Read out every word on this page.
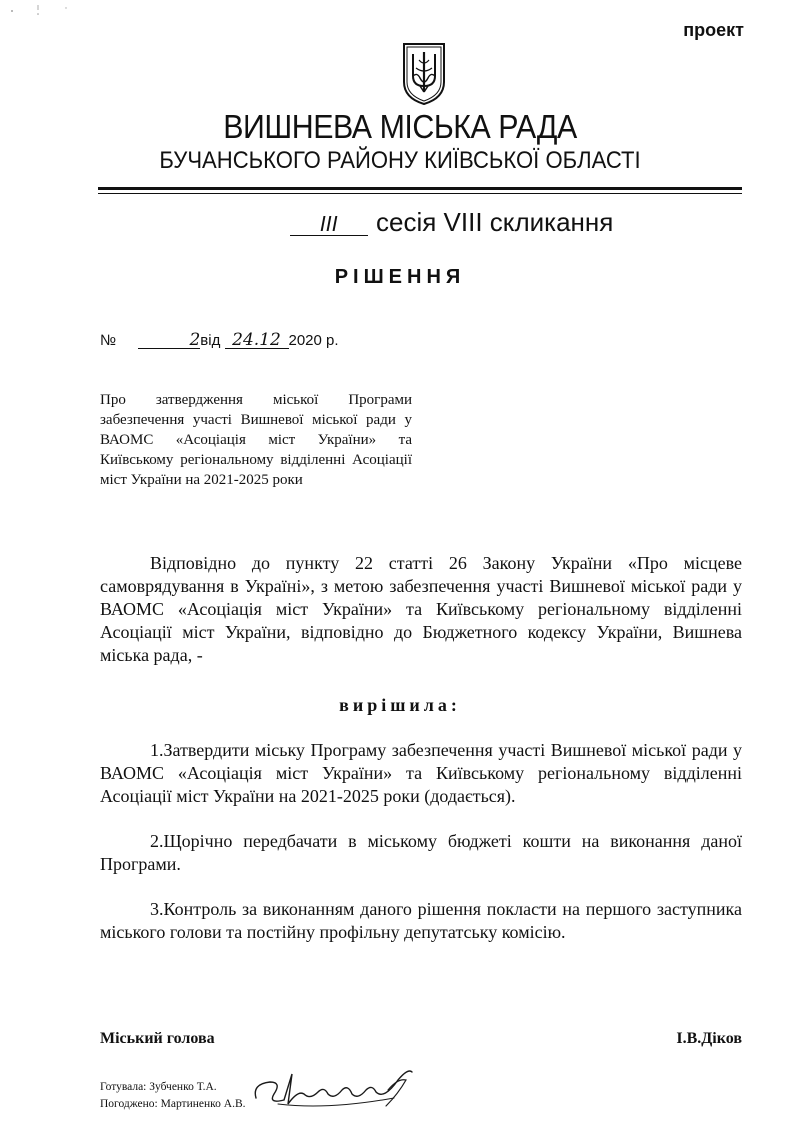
проект
ВИШНЕВА МІСЬКА РАДА
БУЧАНСЬКОГО РАЙОНУ КИЇВСЬКОЇ ОБЛАСТІ
III сесія VIII скликання
РІШЕННЯ
№	2від 24.12 2020 р.

Про затвердження міської Програми забезпечення участі Вишневої міської ради у ВАОМС «Асоціація міст України» та Київському регіональному відділенні Асоціації міст України на 2021-2025 роки

Відповідно до пункту 22 статті 26 Закону України «Про місцеве самоврядування в Україні», з метою забезпечення участі Вишневої міської ради у ВАОМС «Асоціація міст України» та Київському регіональному відділенні Асоціації міст України, відповідно до Бюджетного кодексу України, Вишнева міська рада, -

вирішила:

1.Затвердити міську Програму забезпечення участі Вишневої міської ради у ВАОМС «Асоціація міст України» та Київському регіональному відділенні Асоціації міст України на 2021-2025 роки (додається).

2.Щорічно передбачати в міському бюджеті кошти на виконання даної Програми.

3.Контроль за виконанням даного рішення покласти на першого заступника міського голови та постійну профільну депутатську комісію.

Міський голова	І.В.Діков
Готувала: Зубченко Т.А.
Погоджено: Мартиненко А.В.
